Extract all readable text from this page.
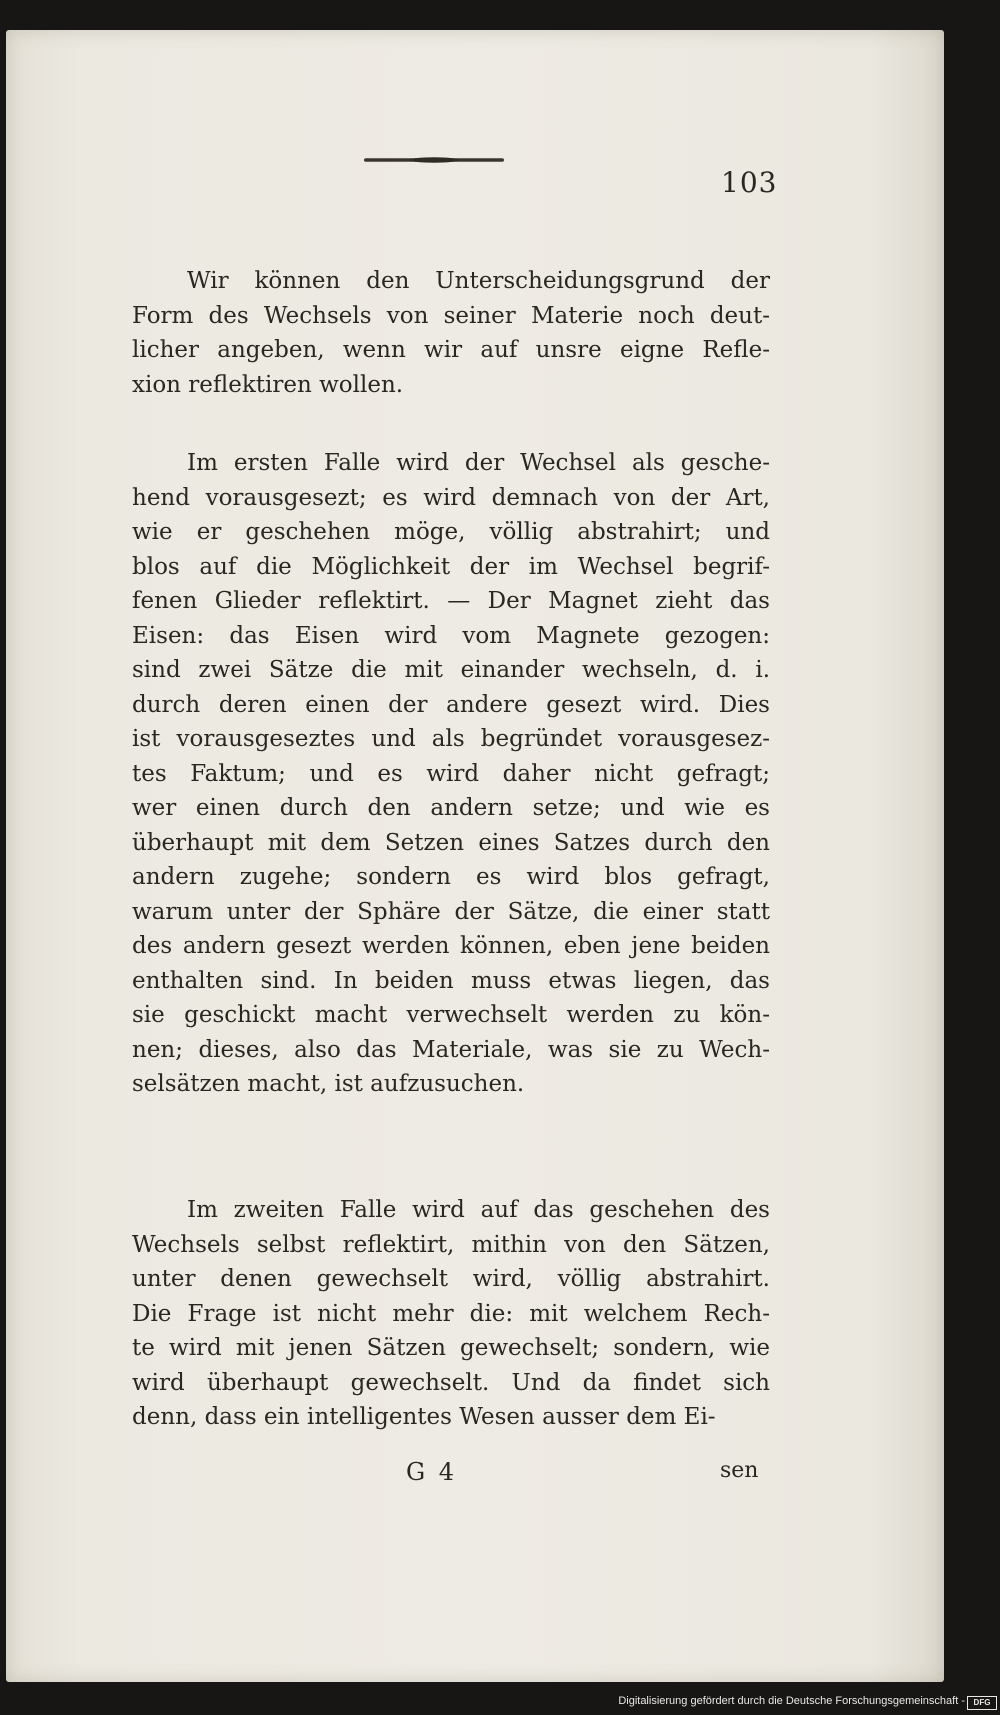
103
Wir können den Unterscheidungsgrund der
Form des Wechsels von seiner Materie noch deut-
licher angeben, wenn wir auf unsre eigne Refle-
xion reflektiren wollen.
Im ersten Falle wird der Wechsel als gesche-
hend vorausgesezt; es wird demnach von der Art,
wie er geschehen möge, völlig abstrahirt; und
blos auf die Möglichkeit der im Wechsel begrif-
fenen Glieder reflektirt. — Der Magnet zieht das
Eisen: das Eisen wird vom Magnete gezogen:
sind zwei Sätze die mit einander wechseln, d. i.
durch deren einen der andere gesezt wird. Dies
ist vorausgeseztes und als begründet vorausgesez-
tes Faktum; und es wird daher nicht gefragt;
wer einen durch den andern setze; und wie es
überhaupt mit dem Setzen eines Satzes durch den
andern zugehe; sondern es wird blos gefragt,
warum unter der Sphäre der Sätze, die einer statt
des andern gesezt werden können, eben jene beiden
enthalten sind. In beiden muss etwas liegen, das
sie geschickt macht verwechselt werden zu kön-
nen; dieses, also das Materiale, was sie zu Wech-
selsätzen macht, ist aufzusuchen.
Im zweiten Falle wird auf das geschehen des
Wechsels selbst reflektirt, mithin von den Sätzen,
unter denen gewechselt wird, völlig abstrahirt.
Die Frage ist nicht mehr die: mit welchem Rech-
te wird mit jenen Sätzen gewechselt; sondern, wie
wird überhaupt gewechselt. Und da findet sich
denn, dass ein intelligentes Wesen ausser dem Ei-
G 4	sen
Digitalisierung gefördert durch die Deutsche Forschungsgemeinschaft -	DFG
